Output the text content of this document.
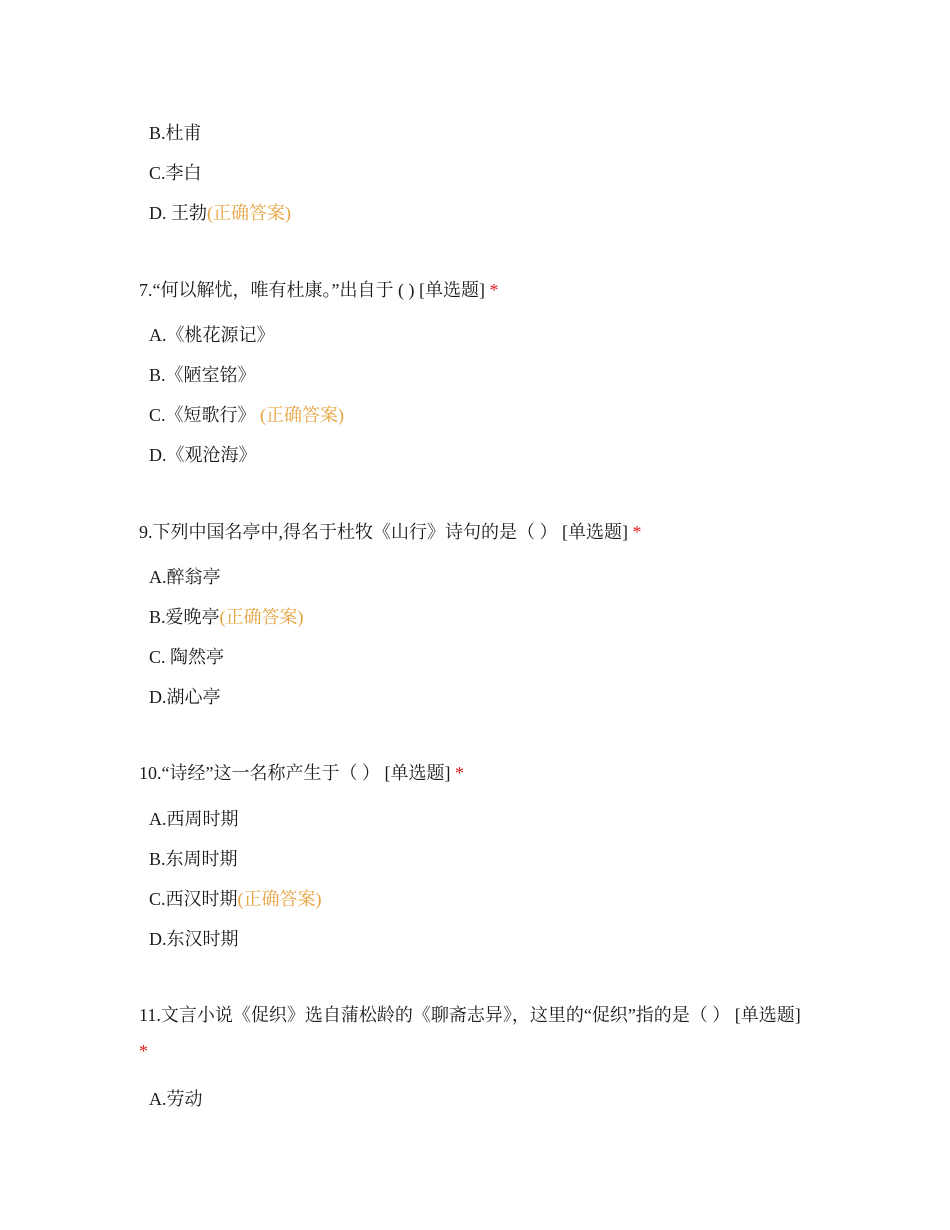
B.杜甫

C.李白

D. 王勃(正确答案)

7.“何以解忧，唯有杜康。”出自于 ( ) [单选题] *

A.《桃花源记》

B.《陋室铭》

C.《短歌行》 (正确答案)

D.《观沧海》

9.下列中国名亭中,得名于杜牧《山行》诗句的是（ ） [单选题] *

A.醉翁亭

B.爱晚亭(正确答案)

C. 陶然亭

D.湖心亭

10.“诗经”这一名称产生于（ ） [单选题] *

A.西周时期

B.东周时期

C.西汉时期(正确答案)

D.东汉时期

11.文言小说《促织》选自蒲松龄的《聊斋志异》，这里的“促织”指的是（ ） [单选题] *

A.劳动
